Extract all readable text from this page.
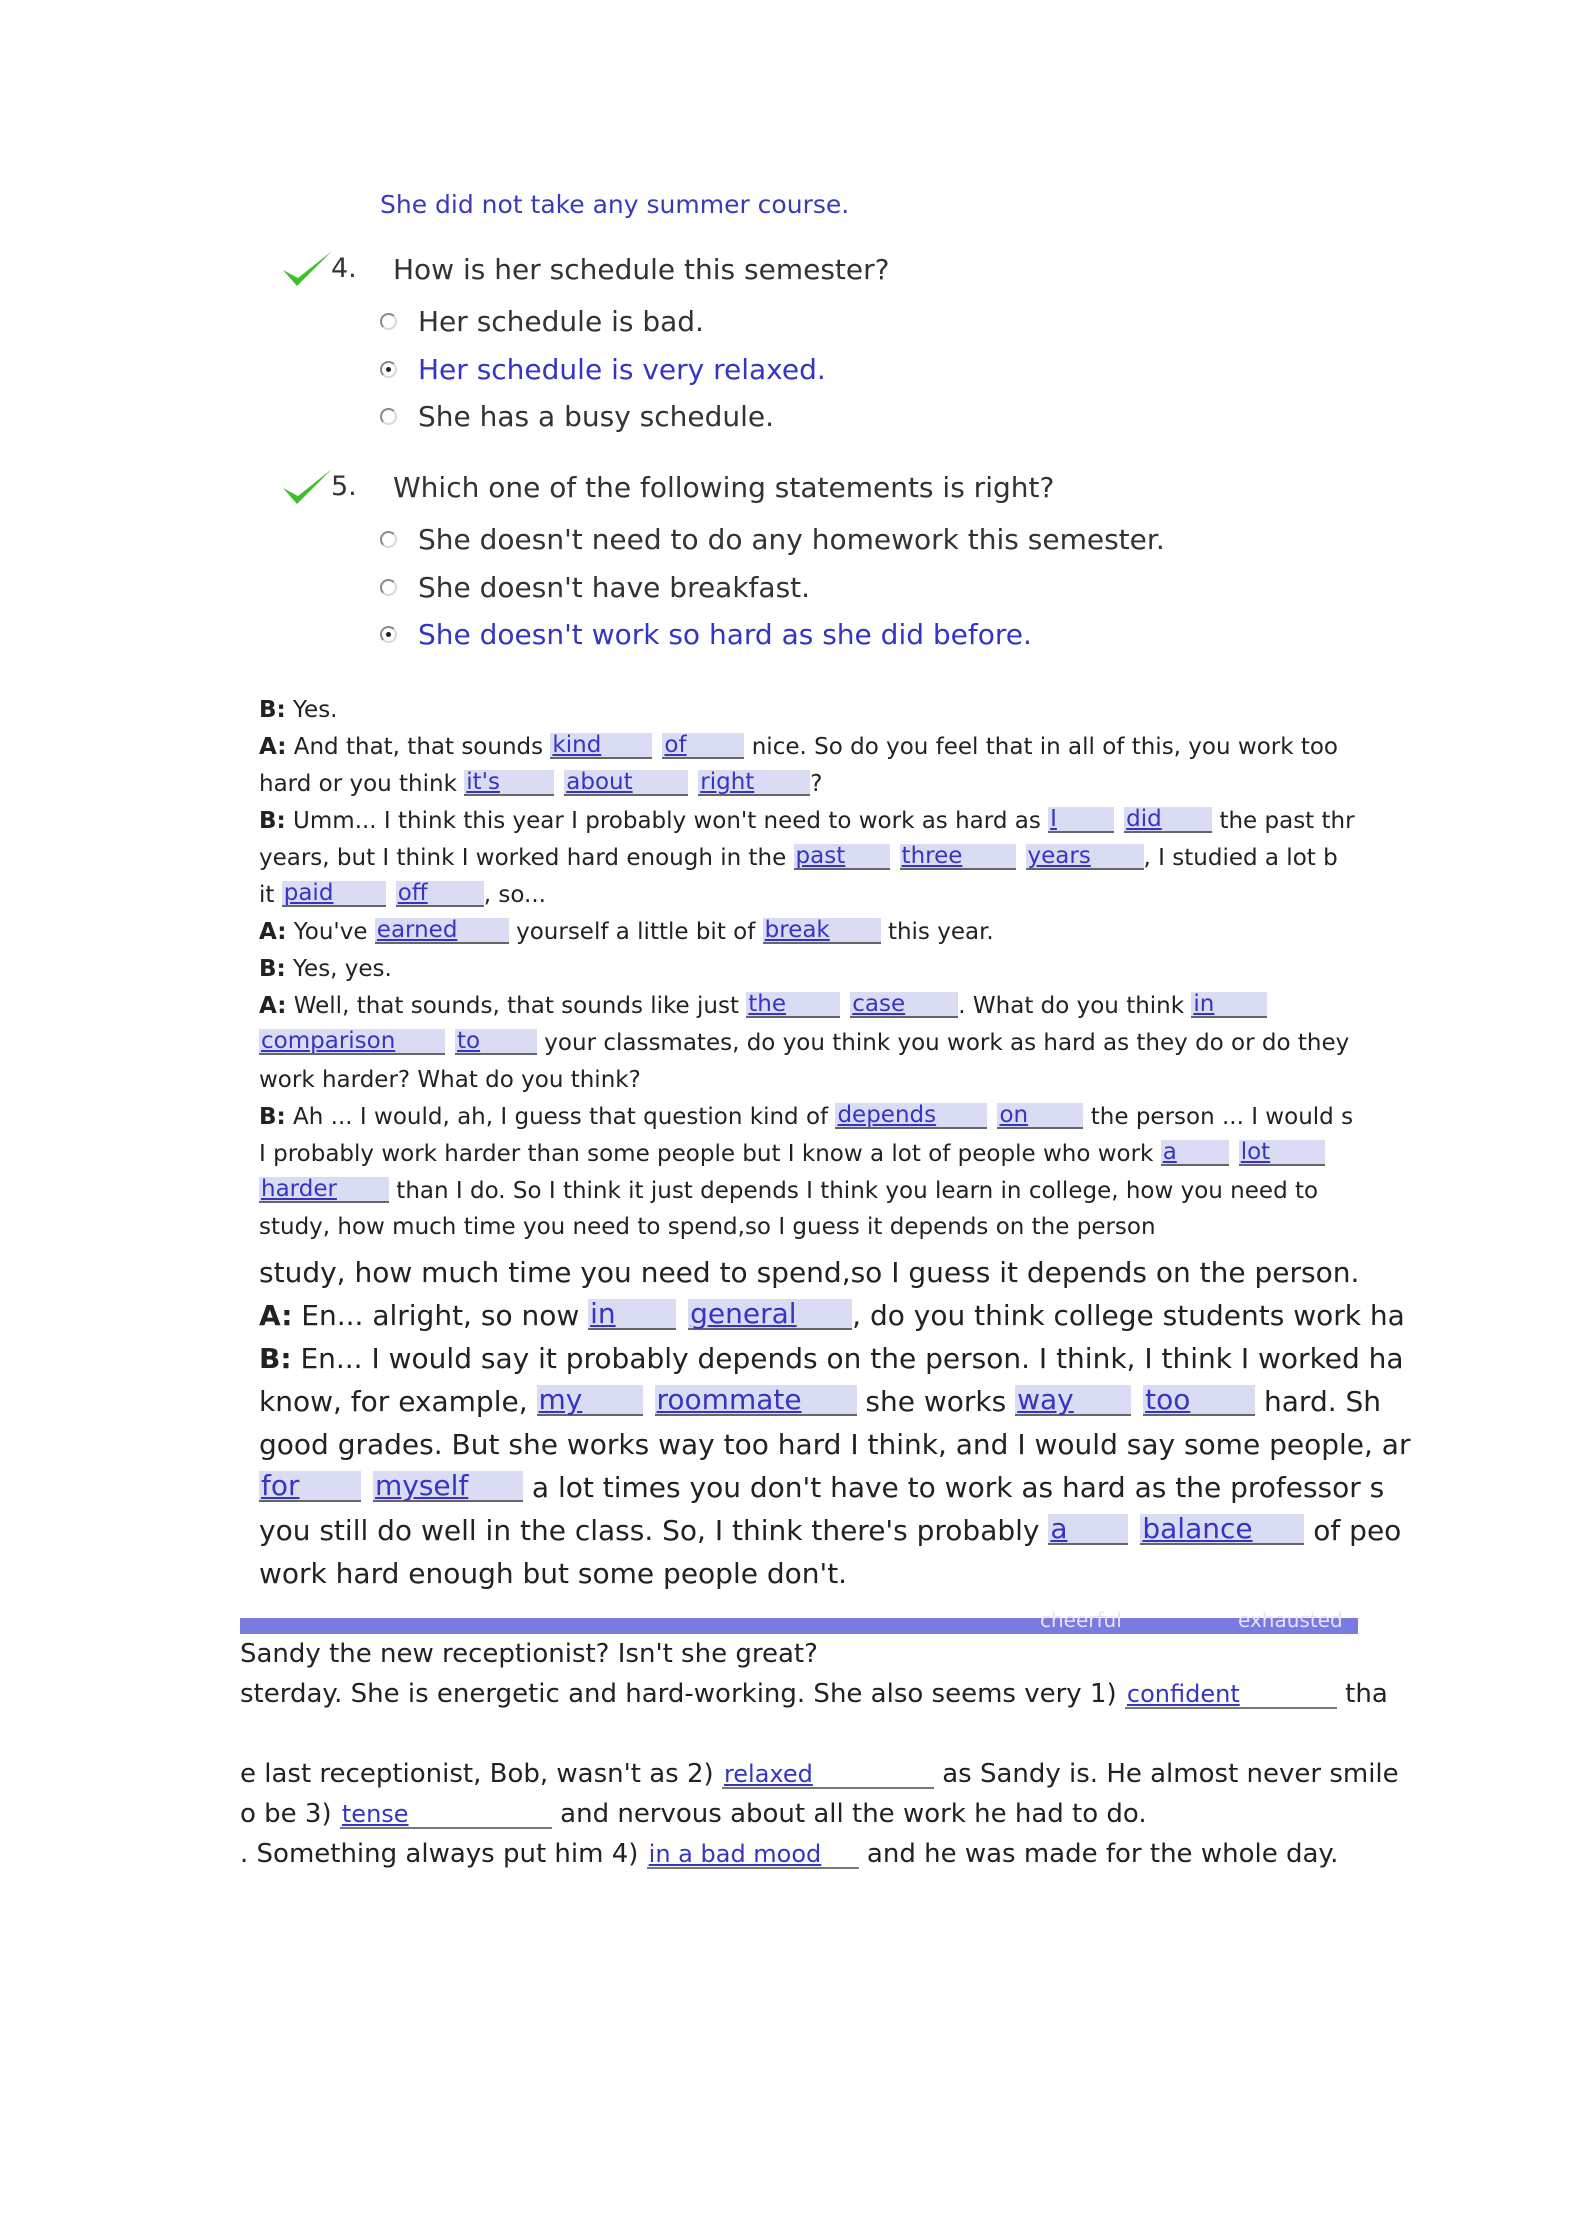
She did not take any summer course.
4. How is her schedule this semester?
Her schedule is bad.
Her schedule is very relaxed.
She has a busy schedule.
5. Which one of the following statements is right?
She doesn't need to do any homework this semester.
She doesn't have breakfast.
She doesn't work so hard as she did before.
B: Yes.
A: And that, that sounds kind	of	nice. So do you feel that in all of this, you work too
hard or you think it's	about	right ?
B: Umm... I think this year I probably won't need to work as hard as I	did the past thr
years, but I think I worked hard enough in the past three	years , I studied a lot b
it paid	off , so...
A: You've earned yourself a little bit of break this year.
B: Yes, yes.
A: Well, that sounds, that sounds like just the	case . What do you think in
comparison	to your classmates, do you think you work as hard as they do or do they
work harder? What do you think?
B: Ah ... I would, ah, I guess that question kind of depends	on the person ... I would s
I probably work harder than some people but I know a lot of people who work a	lot
harder than I do. So I think it just depends I think you learn in college, how you need to
study, how much time you need to spend,so I guess it depends on the person
study, how much time you need to spend,so I guess it depends on the person.
A: En... alright, so now in	general , do you think college students work ha
B: En... I would say it probably depends on the person. I think, I think I worked ha
know, for example, my	roommate she works way	too hard. Sh
good grades. But she works way too hard I think, and I would say some people, ar
for	myself a lot times you don't have to work as hard as the professor s
you still do well in the class. So, I think there's probably a	balance of peo
work hard enough but some people don't.
cheerful	exhausted
Sandy the new receptionist? Isn't she great?
sterday. She is energetic and hard-working. She also seems very 1) confident	tha
e last receptionist, Bob, wasn't as 2) relaxed	as Sandy is. He almost never smile
o be 3) tense	and nervous about all the work he had to do.
. Something always put him 4) in a bad mood and he was made for the whole day.
